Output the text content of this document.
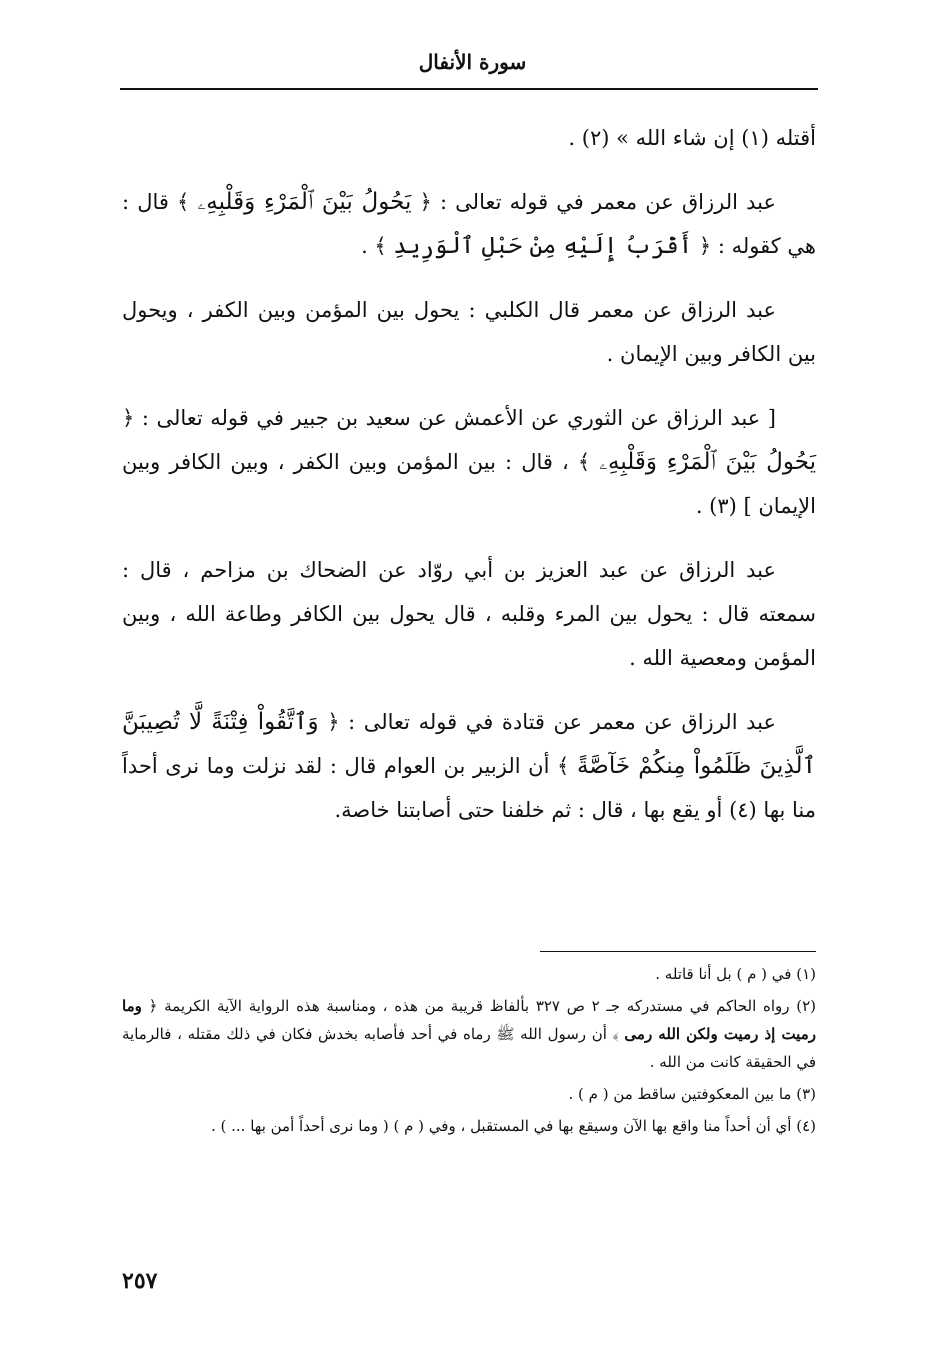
سورة الأنفال

أقتله (١) إن شاء الله » (٢) .

عبد الرزاق عن معمر في قوله تعالى : ﴿ يَحُولُ بَيْنَ ٱلْمَرْءِ وَقَلْبِهِۦ ﴾ قال : هي كقوله : ﴿ أَقْرَبُ إِلَيْهِ مِنْ حَبْلِ ٱلْوَرِيدِ ﴾ .

عبد الرزاق عن معمر قال الكلبي : يحول بين المؤمن وبين الكفر ، ويحول بين الكافر وبين الإيمان .

[ عبد الرزاق عن الثوري عن الأعمش عن سعيد بن جبير في قوله تعالى : ﴿ يَحُولُ بَيْنَ ٱلْمَرْءِ وَقَلْبِهِۦ ﴾ ، قال : بين المؤمن وبين الكفر ، وبين الكافر وبين الإيمان ] (٣) .

عبد الرزاق عن عبد العزيز بن أبي روّاد عن الضحاك بن مزاحم ، قال : سمعته قال : يحول بين المرء وقلبه ، قال يحول بين الكافر وطاعة الله ، وبين المؤمن ومعصية الله .

عبد الرزاق عن معمر عن قتادة في قوله تعالى : ﴿ وَٱتَّقُواْ فِتْنَةً لَّا تُصِيبَنَّ ٱلَّذِينَ ظَلَمُواْ مِنكُمْ خَآصَّةً ﴾ أن الزبير بن العوام قال : لقد نزلت وما نرى أحداً منا بها (٤) أو يقع بها ، قال : ثم خلفنا حتى أصابتنا خاصة.

(١) في ( م ) بل أنا قاتله .

(٢) رواه الحاكم في مستدركه جـ ٢ ص ٣٢٧ بألفاظ قريبة من هذه ، ومناسبة هذه الرواية الآية الكريمة ﴿ وما رميت إذ رميت ولكن الله رمى ﴾ أن رسول الله ﷺ رماه في أحد فأصابه بخدش فكان في ذلك مقتله ، فالرماية في الحقيقة كانت من الله .

(٣) ما بين المعكوفتين ساقط من ( م ) .

(٤) أي أن أحداً منا واقع بها الآن وسيقع بها في المستقبل ، وفي ( م ) ( وما نرى أحداً أمن بها ... ) .

٢٥٧
